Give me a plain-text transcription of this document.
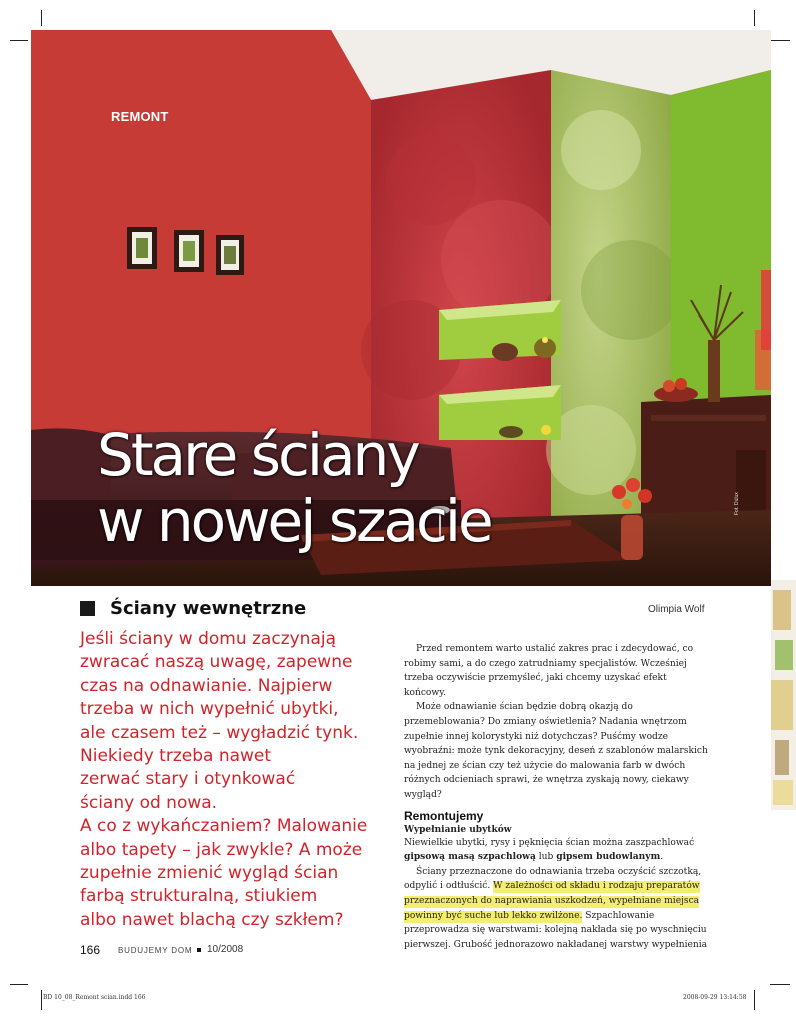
REMONT
Stare ściany
w nowej szacie	Fot. Dulux
Ściany wewnętrzne	Olimpia Wolf
Jeśli ściany w domu zaczynają
zwracać naszą uwagę, zapewne
czas na odnawianie. Najpierw
trzeba w nich wypełnić ubytki,
ale czasem też – wygładzić tynk.
Niekiedy trzeba nawet
zerwać stary i otynkować
ściany od nowa.
A co z wykańczaniem? Malowanie
albo tapety – jak zwykle? A może
zupełnie zmienić wygląd ścian
farbą strukturalną, stiukiem
albo nawet blachą czy szkłem?

Przed remontem warto ustalić zakres prac i zdecydować, co robimy sami, a do czego zatrudniamy specjalistów. Wcześniej trzeba oczywiście przemyśleć, jaki chcemy uzyskać efekt końcowy.

Może odnawianie ścian będzie dobrą okazją do przemeblowania? Do zmiany oświetlenia? Nadania wnętrzom zupełnie innej kolorystyki niż dotychczas? Puśćmy wodze wyobraźni: może tynk dekoracyjny, deseń z szablonów malarskich na jednej ze ścian czy też użycie do malowania farb w dwóch różnych odcieniach sprawi, że wnętrza zyskają nowy, ciekawy wygląd?

Remontujemy

Wypełnianie ubytków

Niewielkie ubytki, rysy i pęknięcia ścian można zaszpachlować gipsową masą szpachlową lub gipsem budowlanym.

Ściany przeznaczone do odnawiania trzeba oczyścić szczotką, odpylić i odtłuścić. W zależności od składu i rodzaju preparatów przeznaczonych do naprawiania uszkodzeń, wypełniane miejsca powinny być suche lub lekko zwilżone. Szpachlowanie przeprowadza się warstwami: kolejną nakłada się po wyschnięciu pierwszej. Grubość jednorazowo nakładanej warstwy wypełnienia

166 BUDUJEMY DOM 10/2008
BD 10_08_Remont scian.indd 166	2008-09-29 13:14:58
